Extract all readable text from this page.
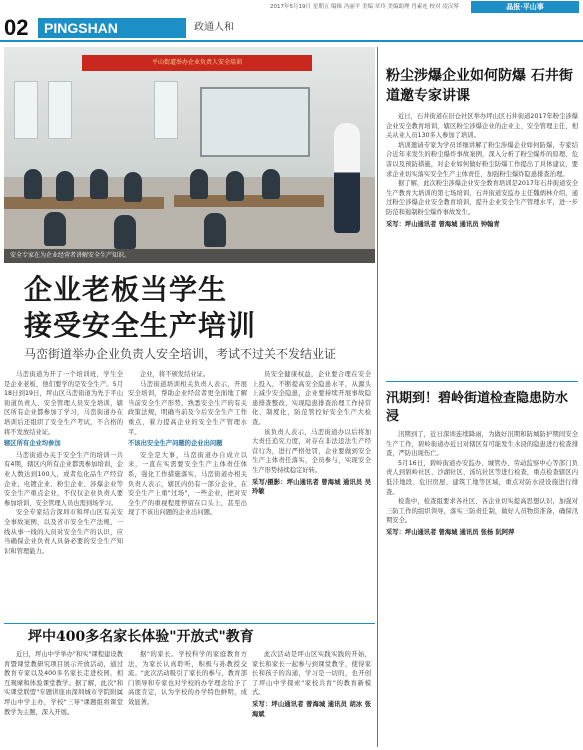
2017年5月19日 星期五 编辑 冯丽平 美编 章玲 美编助理 肖素连 校对 凌汉琴	晶报·平山事
02	PINGSHAN	政通人和
平山街道举办企业负责人安全培训
安全专家在为企业经营者讲解安全生产知识。
企业老板当学生
接受安全生产培训
马峦街道举办企业负责人安全培训，考试不过关不发结业证

马峦街道为开了一个培训班，学生全是企业老板，他们要学的是安全生产。5月18日到19日，坪山区马峦街道为先于平山街道负责人、安全管理人员安全培训，辖区所有企业都参加了学习，马峦街道办在培训后还组织了安全生产考试，不合格的将不发放结业证。

辖区所有企业均参加

马峦街道办关于安全生产的培训一共有4期，辖区内所有企业都需参加培训，企业人数达到100人，或者危化品生产经营企业、电镀企业、粉尘企业、涉爆企业等安全生产重点企业，不仅仅企业负责人要参加培训，安全管理人员也需到场学习。

安全专家结合深圳市和坪山区有关安全事故案例，以及省市安全生产法规，一线从事一线的人员对安全生产的认识，应当确保企业负责人具备必要的安全生产知识和管理能力。

企业，将不颁发结业证。

马峦街道培训相关负责人表示，开展安全培训，帮助企业经营者更全面地了解当前安全生产形势，熟悉安全生产的有关政策法规，明确当前及今后安全生产工作重点，着力提高企业的安全生产管理水平。

不该出安全生产问题的企业出问题

安全是大事，马峦街道办自成立以来，一直在实需要安全生产主体责任体系，强化工作措施落实，马峦街道办相关负责人表示，辖区内仍有一部分企业，在安全生产上重"过场"，一些企业，把对安全生产的重视程度停留在口头上，甚至出现了不该出问题的企业出问题。

员安全健康权益，企业要合理在安全上投入，不断提高安全隐患水平，从源头上减少安全隐患，企业要持续开展事故隐患排查整改，实现隐患排查治理工作持常化、制度化，防范管控好安全生产大检查。

该负责人表示，马峦街道办以后将加大责任追究力度，对存在非法违法生产经营行为，进行严格处罚，企业要做到安全生产主体责任落实，全员参与，实现安全生产形势持续稳定好转。

采写/摄影：坪山通讯者 曾海城 通讯员 吴玲敏

坪中400多名家长体验"开放式"教育

近日，坪山中学举办"和实"课程建设教育暨课堂教研究项目展示开放活动，通过教育专家以及400多名家长走进校园，相互观摩和体验课堂教学。据了解，此次"和实课堂联盟"专题讲座由深圳城市学院附属坪山中学主办，学校"三导"课题组将课堂教学为主题，深入开展。

据"的家长。学校科学的家庭教育方法，为家长认真聆听，积极与孙教授交流。"此次活动吸引了家长的参与，教育部门领导和专家也对学校的办学理念给予了高度肯定，认为学校的办学特色鲜明，成效显著。

此次活动是坪山区实践实践的开始，家长和家长一起参与到课堂教学，使得家长和孩子的沟通，学习是一切的，也开创了坪山中学探索"家校共育"的教育新模式。

采写：坪山通讯者 曾海城 通讯员 胡冰 张海斌

粉尘涉爆企业如何防爆 石井街道邀专家讲课

近日，石井街道在旧仓社区举办坪山区石井街道2017年粉尘涉爆企业安全教育培训，辖区粉尘涉爆企业的企业主、安全管理主任、相关从业人员130多人参加了培训。

培训邀请专家为学员详细讲解了粉尘涉爆企业如何防爆，专家结合近年来发生的粉尘爆炸事故案例，深入分析了粉尘爆炸的原理、危害以及预防措施，对企业如何做好粉尘防爆工作提出了具体建议，要求企业切实落实安全生产主体责任，加强粉尘爆炸隐患排查治理。

据了解，此次粉尘涉爆企业安全教育培训是2017年石井街道安全生产教育大培训的第七场培训，石井街道安监办主任魏炳林介绍，通过粉尘涉爆企业安全教育培训，提升企业安全生产管理水平，进一步防范和遏制粉尘爆炸事故发生。

采写：坪山通讯者 曾海城 通讯员 钟翰青

汛期到！碧岭街道检查隐患防水浸

汛期到了，近日深圳连续降雨，为做好汛期和防城防护期间安全生产工作，碧岭街道办近日对辖区有可能发生水浸的隐患进行检查排查，严防出现伤亡。

5月16日，碧岭街道办安监办、城管办、劳动监察中心等部门负责人到碧岭社区、沙湖社区、汤坑社区等进行检查，重点检查辖区内低洼地段、危旧房屋、建筑工地等区域，重点对防水浸设施进行排查。

检查中，检查组要求各社区、各企业切实提高思想认识，加强对三防工作的组织领导，落实三防责任制，做好人员物资准备，确保汛期安全。

采写：坪山通讯者 曾海城 通讯员 张杨 阮阿萍
